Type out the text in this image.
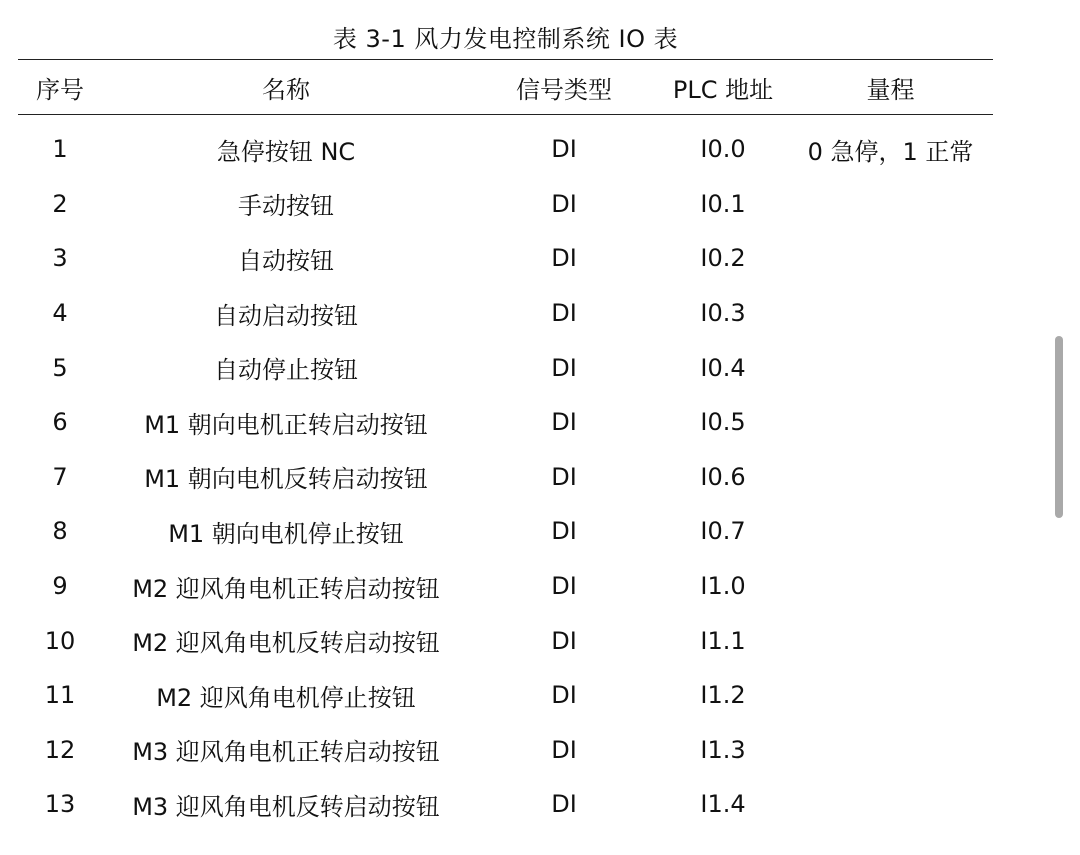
表 3-1 风力发电控制系统 IO 表
序号	名称	信号类型	PLC 地址	量程
1	急停按钮 NC	DI	I0.0	0 急停，1 正常
2	手动按钮	DI	I0.1
3	自动按钮	DI	I0.2
4	自动启动按钮	DI	I0.3
5	自动停止按钮	DI	I0.4
6	M1 朝向电机正转启动按钮	DI	I0.5
7	M1 朝向电机反转启动按钮	DI	I0.6
8	M1 朝向电机停止按钮	DI	I0.7
9	M2 迎风角电机正转启动按钮	DI	I1.0
10	M2 迎风角电机反转启动按钮	DI	I1.1
11	M2 迎风角电机停止按钮	DI	I1.2
12	M3 迎风角电机正转启动按钮	DI	I1.3
13	M3 迎风角电机反转启动按钮	DI	I1.4
